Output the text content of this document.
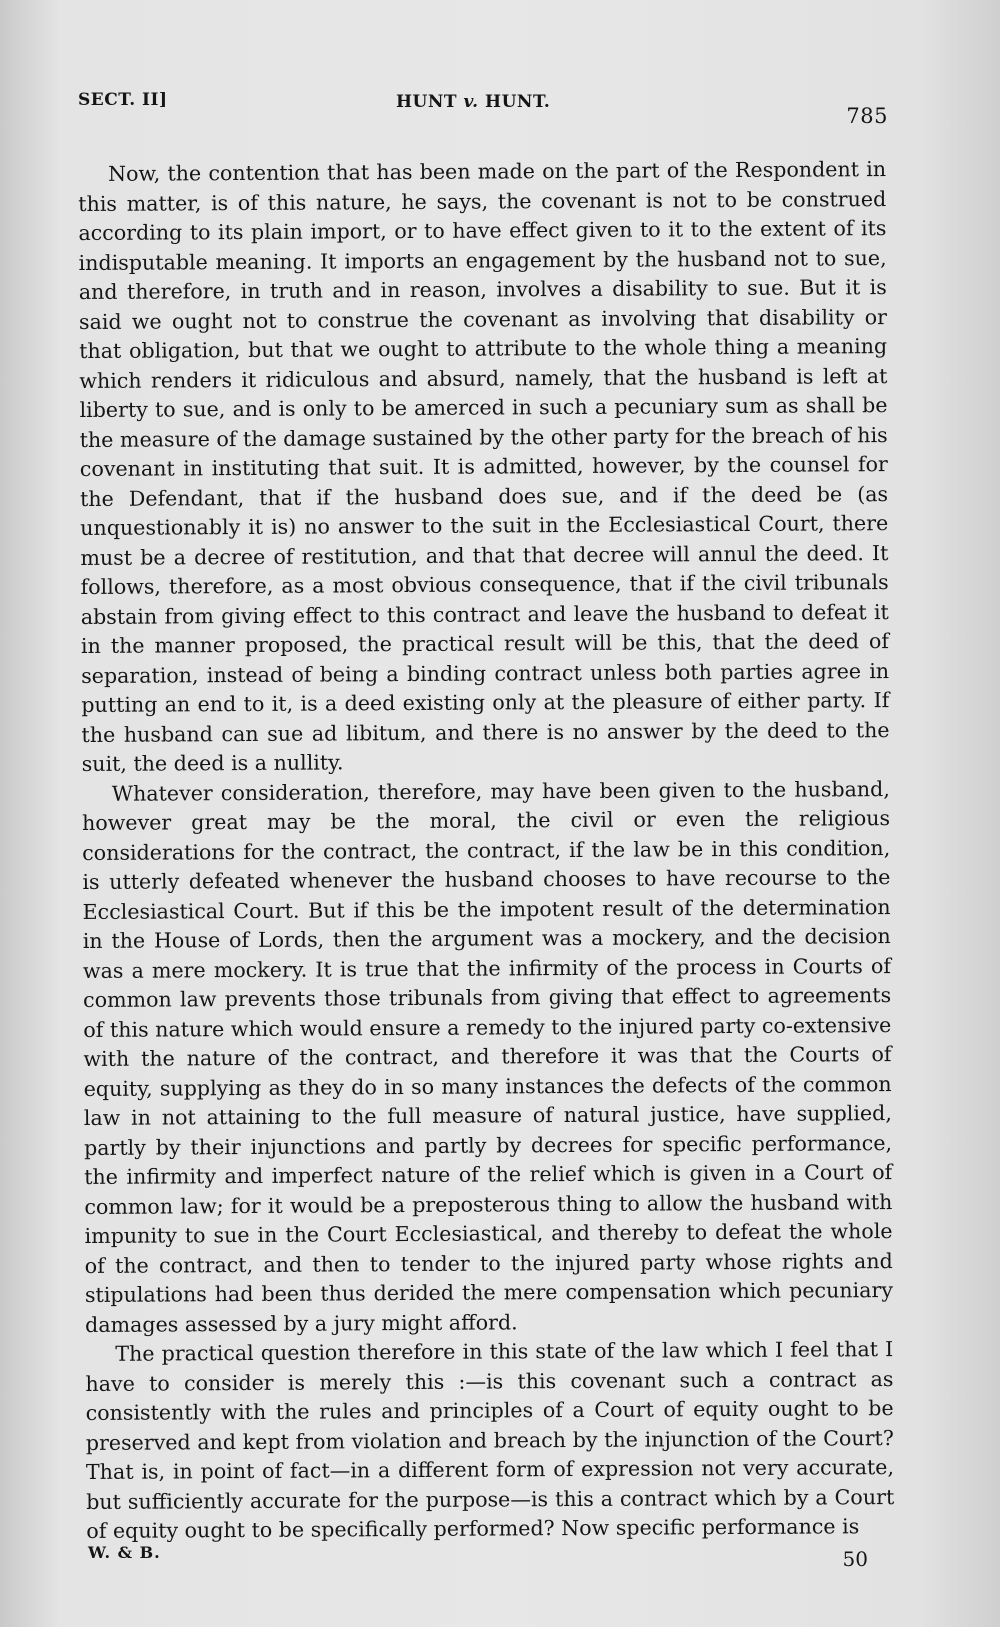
SECT. II]	HUNT v. HUNT.
785

Now, the contention that has been made on the part of the Respondent in this matter, is of this nature, he says, the covenant is not to be construed according to its plain import, or to have effect given to it to the extent of its indisputable meaning. It imports an engagement by the husband not to sue, and therefore, in truth and in reason, involves a disability to sue. But it is said we ought not to construe the covenant as involving that disability or that obligation, but that we ought to attribute to the whole thing a meaning which renders it ridiculous and absurd, namely, that the husband is left at liberty to sue, and is only to be amerced in such a pecuniary sum as shall be the measure of the damage sustained by the other party for the breach of his covenant in instituting that suit. It is admitted, however, by the counsel for the Defendant, that if the husband does sue, and if the deed be (as unquestionably it is) no answer to the suit in the Ecclesiastical Court, there must be a decree of restitution, and that that decree will annul the deed. It follows, therefore, as a most obvious consequence, that if the civil tribunals abstain from giving effect to this contract and leave the husband to defeat it in the manner proposed, the practical result will be this, that the deed of separation, instead of being a binding contract unless both parties agree in putting an end to it, is a deed existing only at the pleasure of either party. If the husband can sue ad libitum, and there is no answer by the deed to the suit, the deed is a nullity.

Whatever consideration, therefore, may have been given to the husband, however great may be the moral, the civil or even the religious considerations for the contract, the contract, if the law be in this condition, is utterly defeated whenever the husband chooses to have recourse to the Ecclesiastical Court. But if this be the impotent result of the determination in the House of Lords, then the argument was a mockery, and the decision was a mere mockery. It is true that the infirmity of the process in Courts of common law prevents those tribunals from giving that effect to agreements of this nature which would ensure a remedy to the injured party co-extensive with the nature of the contract, and therefore it was that the Courts of equity, supplying as they do in so many instances the defects of the common law in not attaining to the full measure of natural justice, have supplied, partly by their injunctions and partly by decrees for specific performance, the infirmity and imperfect nature of the relief which is given in a Court of common law; for it would be a preposterous thing to allow the husband with impunity to sue in the Court Ecclesiastical, and thereby to defeat the whole of the contract, and then to tender to the injured party whose rights and stipulations had been thus derided the mere compensation which pecuniary damages assessed by a jury might afford.

The practical question therefore in this state of the law which I feel that I have to consider is merely this :—is this covenant such a contract as consistently with the rules and principles of a Court of equity ought to be preserved and kept from violation and breach by the injunction of the Court? That is, in point of fact—in a different form of expression not very accurate, but sufficiently accurate for the purpose—is this a contract which by a Court of equity ought to be specifically performed? Now specific performance is

W. & B.	50
